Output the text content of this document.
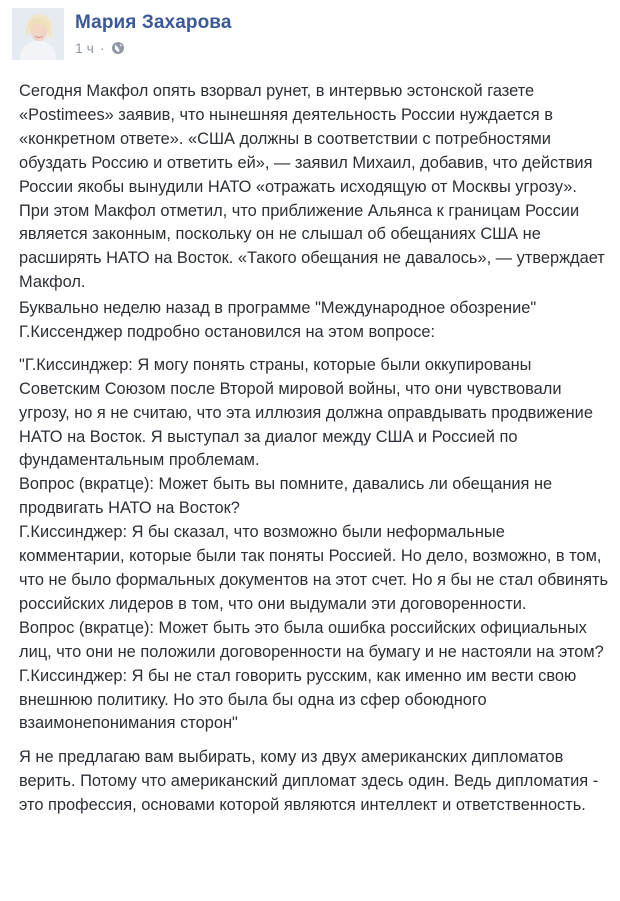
Мария Захарова
1 ч ·

Сегодня Макфол опять взорвал рунет, в интервью эстонской газете «Postimees» заявив, что нынешняя деятельность России нуждается в «конкретном ответе». «США должны в соответствии с потребностями обуздать Россию и ответить ей», — заявил Михаил, добавив, что действия России якобы вынудили НАТО «отражать исходящую от Москвы угрозу». При этом Макфол отметил, что приближение Альянса к границам России является законным, поскольку он не слышал об обещаниях США не расширять НАТО на Восток. «Такого обещания не давалось», — утверждает Макфол.

Буквально неделю назад в программе "Международное обозрение" Г.Киссенджер подробно остановился на этом вопросе:

"Г.Киссинджер: Я могу понять страны, которые были оккупированы Советским Союзом после Второй мировой войны, что они чувствовали угрозу, но я не считаю, что эта иллюзия должна оправдывать продвижение НАТО на Восток. Я выступал за диалог между США и Россией по фундаментальным проблемам.
Вопрос (вкратце): Может быть вы помните, давались ли обещания не продвигать НАТО на Восток?
Г.Киссинджер: Я бы сказал, что возможно были неформальные комментарии, которые были так поняты Россией. Но дело, возможно, в том, что не было формальных документов на этот счет. Но я бы не стал обвинять российских лидеров в том, что они выдумали эти договоренности.
Вопрос (вкратце): Может быть это была ошибка российских официальных лиц, что они не положили договоренности на бумагу и не настояли на этом?
Г.Киссинджер: Я бы не стал говорить русским, как именно им вести свою внешнюю политику. Но это была бы одна из сфер обоюдного взаимонепонимания сторон"

Я не предлагаю вам выбирать, кому из двух американских дипломатов верить. Потому что американский дипломат здесь один. Ведь дипломатия - это профессия, основами которой являются интеллект и ответственность.
